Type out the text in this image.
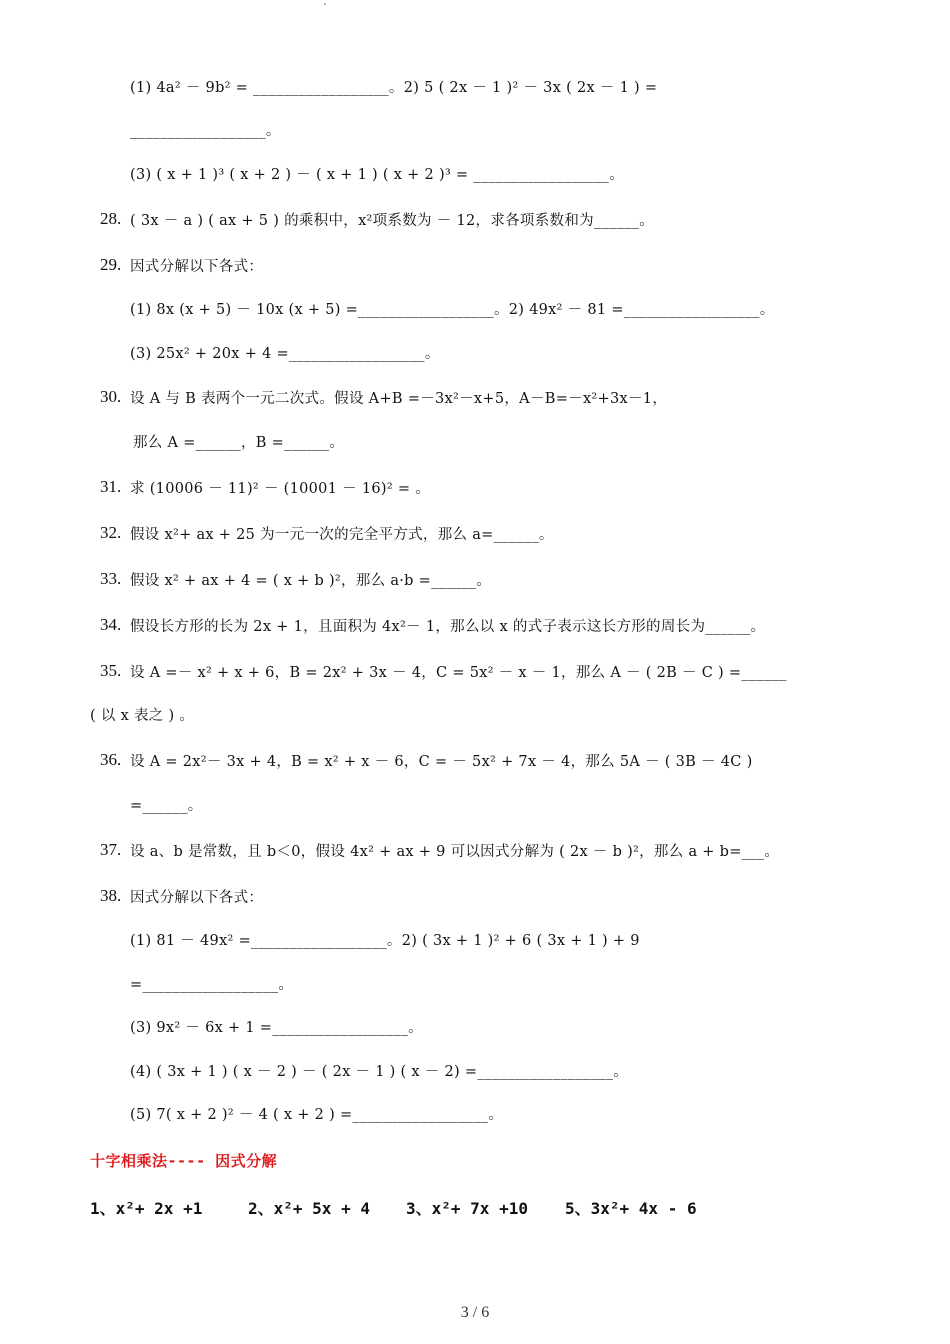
.
(1) 4a² － 9b² = __________________。2) 5 ( 2x － 1 )² － 3x ( 2x － 1 ) =
__________________。
(3) ( x + 1 )³ ( x + 2 ) － ( x + 1 ) ( x + 2 )³ = __________________。
28. ( 3x － a ) ( ax + 5 ) 的乘积中，x²项系数为 － 12，求各项系数和为______。
29. 因式分解以下各式：
(1) 8x (x + 5) － 10x (x + 5) =__________________。2) 49x² － 81 =__________________。
(3) 25x² + 20x + 4 =__________________。
30. 设 A 与 B 表两个一元二次式。假设 A+B =－3x²－x+5，A－B=－x²+3x－1，
那么 A =______，B =______。
31. 求 (10006 － 11)² － (10001 － 16)² = 。
32. 假设 x²+ ax + 25 为一元一次的完全平方式，那么 a=______。
33. 假设 x² + ax + 4 = ( x + b )²，那么 a·b =______。
34. 假设长方形的长为 2x + 1，且面积为 4x²－ 1，那么以 x 的式子表示这长方形的周长为______。
35. 设 A =－ x² + x + 6，B = 2x² + 3x － 4，C = 5x² － x － 1，那么 A － ( 2B － C ) =______
( 以 x 表之 ) 。
36. 设 A = 2x²－ 3x + 4，B = x² + x － 6，C = － 5x² + 7x － 4，那么 5A － ( 3B － 4C )
=______。
37. 设 a、b 是常数，且 b＜0，假设 4x² + ax + 9 可以因式分解为 ( 2x － b )²，那么 a + b=___。
38. 因式分解以下各式：
(1) 81 － 49x² =__________________。2) ( 3x + 1 )² + 6 ( 3x + 1 ) + 9
=__________________。
(3) 9x² － 6x + 1 =__________________。
(4) ( 3x + 1 ) ( x － 2 ) － ( 2x － 1 ) ( x － 2) =__________________。
(5) 7( x + 2 )² － 4 ( x + 2 ) =__________________。
十字相乘法---- 因式分解
1、x²+ 2x +1	2、x²+ 5x + 4 3、x²+ 7x +10 5、3x²+ 4x - 6
3 / 6
